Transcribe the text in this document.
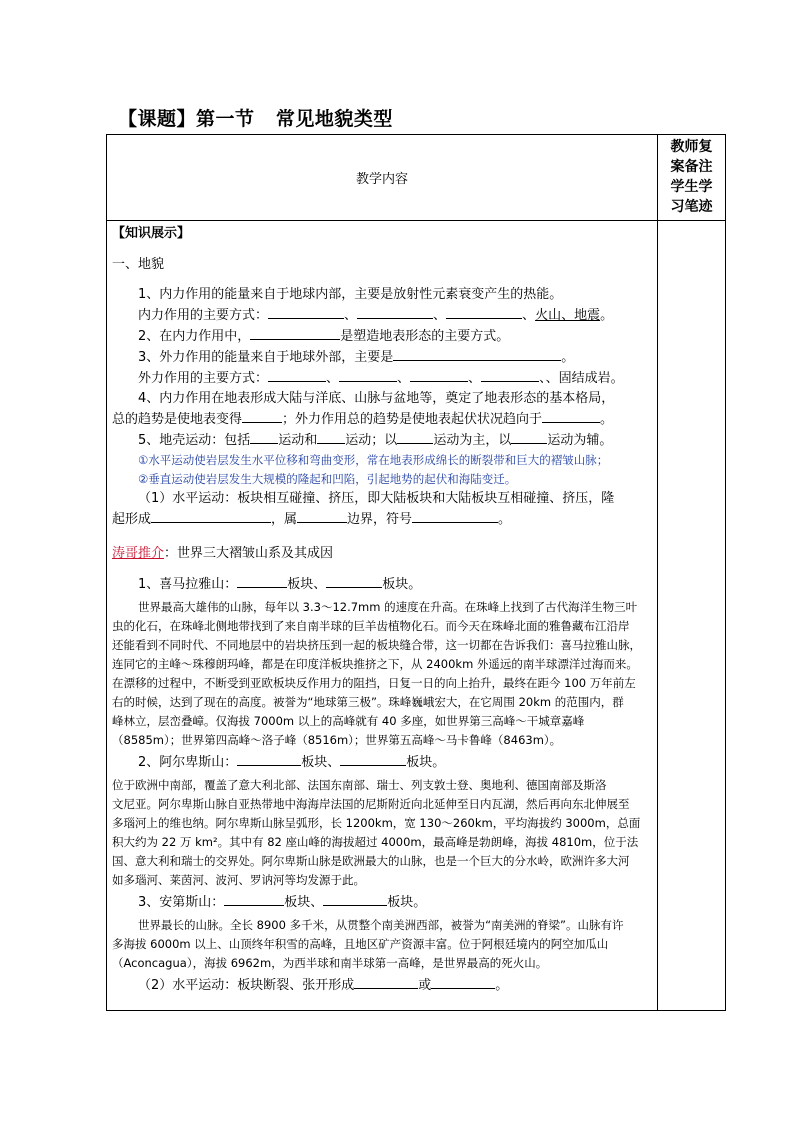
【课题】第一节   常见地貌类型
教学内容
教师复
案备注
学生学
习笔迹
【知识展示】
一、地貌
1、内力作用的能量来自于地球内部，主要是放射性元素衰变产生的热能。
内力作用的主要方式：	、	、	、火山、地震。
2、在内力作用中，	是塑造地表形态的主要方式。
3、外力作用的能量来自于地球外部，主要是	。
外力作用的主要方式：	、	、	、	、、固结成岩。
4、内力作用在地表形成大陆与洋底、山脉与盆地等，奠定了地表形态的基本格局，
总的趋势是使地表变得	；外力作用总的趋势是使地表起伏状况趋向于	。
5、地壳运动：包括 运动和 运动；以	运动为主，以	运动为辅。
①水平运动使岩层发生水平位移和弯曲变形，常在地表形成绵长的断裂带和巨大的褶皱山脉；
②垂直运动使岩层发生大规模的隆起和凹陷，引起地势的起伏和海陆变迁。
（1）水平运动：板块相互碰撞、挤压，即大陆板块和大陆板块互相碰撞、挤压，隆
起形成	，属	边界，符号	。
涛哥推介：世界三大褶皱山系及其成因
1、喜马拉雅山：	板块、	板块。
世界最高大雄伟的山脉，每年以 3.3～12.7mm 的速度在升高。在珠峰上找到了古代海洋生物三叶
虫的化石，在珠峰北侧地带找到了来自南半球的巨羊齿植物化石。而今天在珠峰北面的雅鲁藏布江沿岸
还能看到不同时代、不同地层中的岩块挤压到一起的板块缝合带，这一切都在告诉我们：喜马拉雅山脉，
连同它的主峰～珠穆朗玛峰，都是在印度洋板块推挤之下，从 2400km 外遥远的南半球漂洋过海而来。
在漂移的过程中，不断受到亚欧板块反作用力的阻挡，日复一日的向上抬升，最终在距今 100 万年前左
右的时候，达到了现在的高度。被誉为“地球第三极”。珠峰巍峨宏大，在它周围 20km 的范围内，群
峰林立，层峦叠嶂。仅海拔 7000m 以上的高峰就有 40 多座，如世界第三高峰～干城章嘉峰
（8585m）；世界第四高峰～洛子峰（8516m）；世界第五高峰～马卡鲁峰（8463m）。
2、阿尔卑斯山：	板块、	板块。
位于欧洲中南部，覆盖了意大利北部、法国东南部、瑞士、列支敦士登、奥地利、德国南部及斯洛
文尼亚。阿尔卑斯山脉自亚热带地中海海岸法国的尼斯附近向北延伸至日内瓦湖，然后再向东北伸展至
多瑙河上的维也纳。阿尔卑斯山脉呈弧形，长 1200km，宽 130～260km，平均海拔约 3000m，总面
积大约为 22 万 km²。其中有 82 座山峰的海拔超过 4000m，最高峰是勃朗峰，海拔 4810m，位于法
国、意大利和瑞士的交界处。阿尔卑斯山脉是欧洲最大的山脉，也是一个巨大的分水岭，欧洲许多大河
如多瑙河、莱茵河、波河、罗讷河等均发源于此。
3、安第斯山：	板块、	板块。
世界最长的山脉。全长 8900 多千米，从贯整个南美洲西部，被誉为“南美洲的脊梁”。山脉有许
多海拔 6000m 以上、山顶终年积雪的高峰，且地区矿产资源丰富。位于阿根廷境内的阿空加瓜山
（Aconcagua），海拔 6962m，为西半球和南半球第一高峰，是世界最高的死火山。
（2）水平运动：板块断裂、张开形成	或	。
